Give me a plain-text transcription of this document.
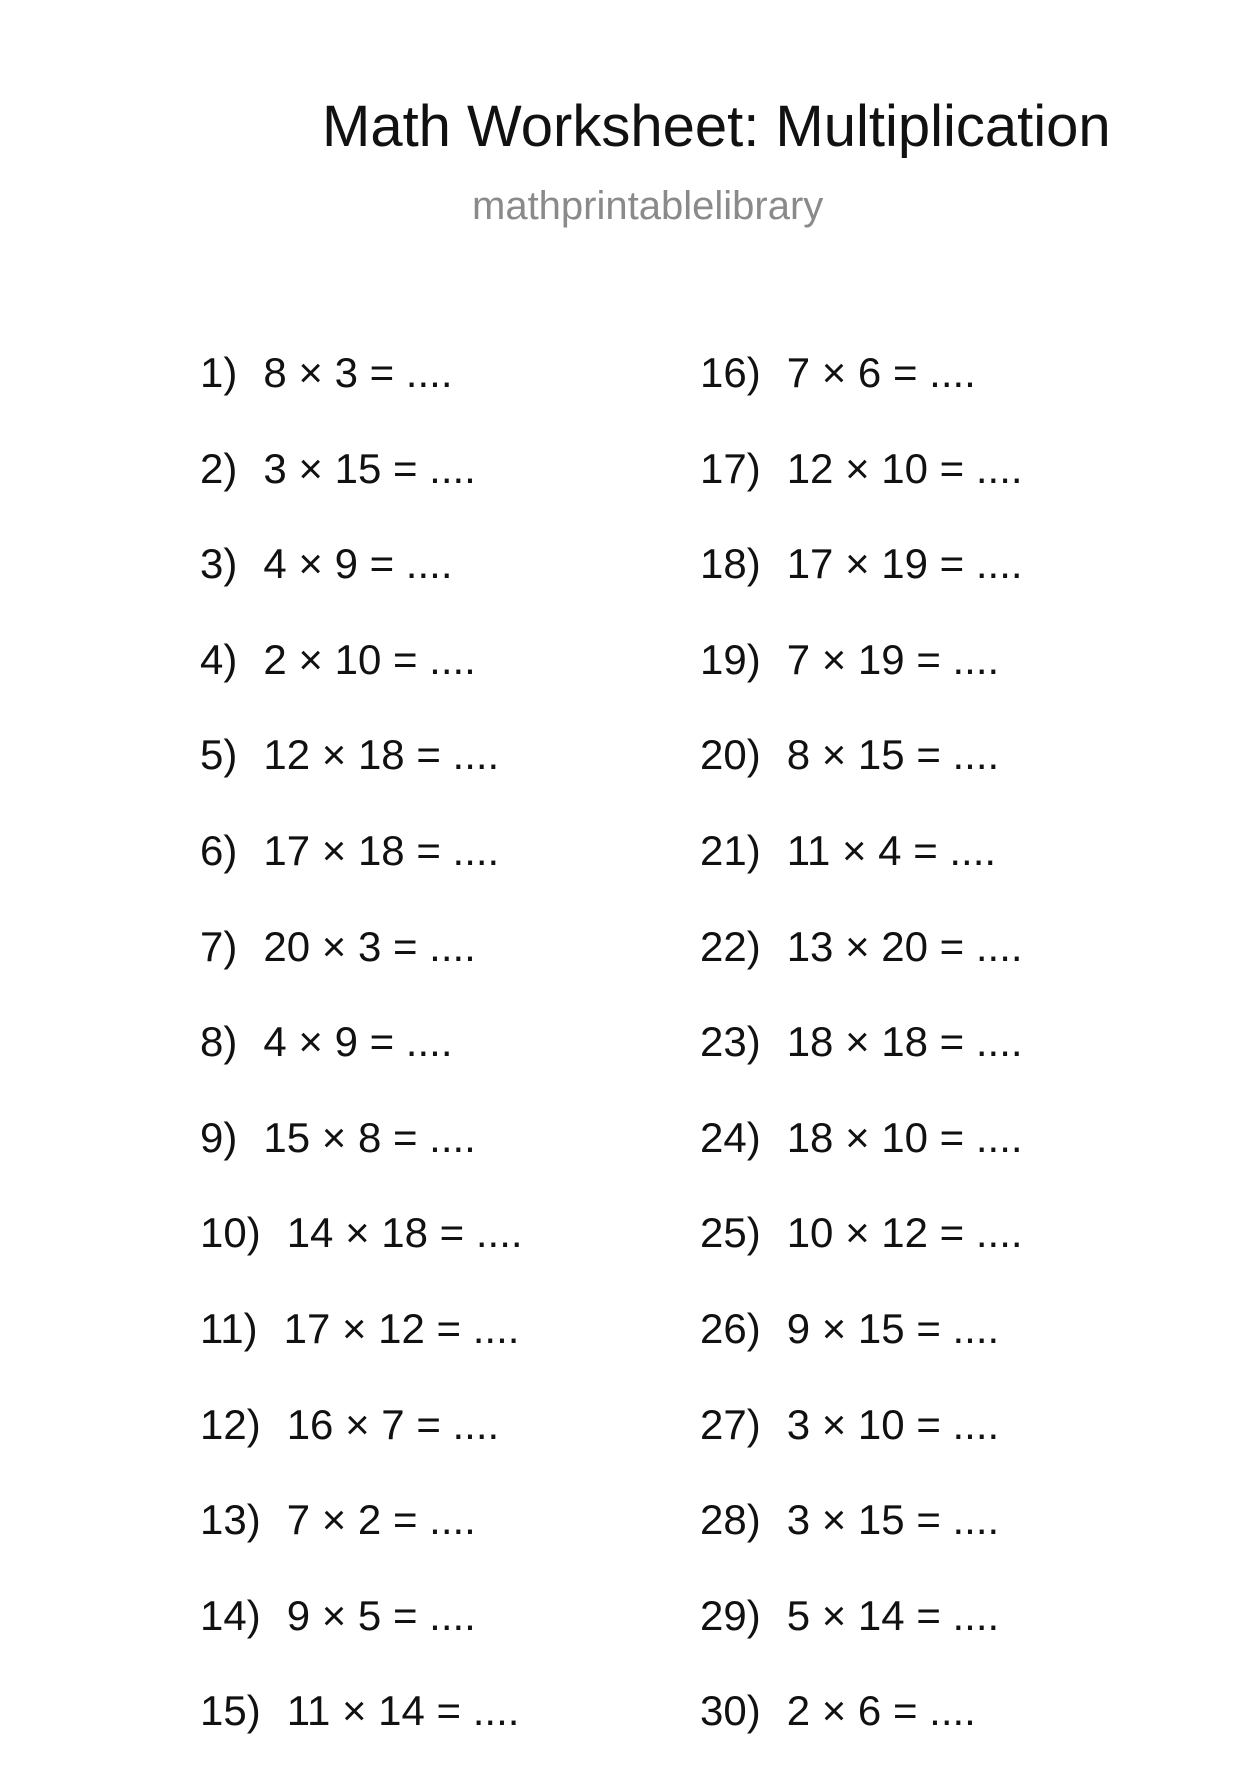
Math Worksheet: Multiplication
mathprintablelibrary
1) 8 × 3 = ....
2) 3 × 15 = ....
3) 4 × 9 = ....
4) 2 × 10 = ....
5) 12 × 18 = ....
6) 17 × 18 = ....
7) 20 × 3 = ....
8) 4 × 9 = ....
9) 15 × 8 = ....
10) 14 × 18 = ....
11) 17 × 12 = ....
12) 16 × 7 = ....
13) 7 × 2 = ....
14) 9 × 5 = ....
15) 11 × 14 = ....
16) 7 × 6 = ....
17) 12 × 10 = ....
18) 17 × 19 = ....
19) 7 × 19 = ....
20) 8 × 15 = ....
21) 11 × 4 = ....
22) 13 × 20 = ....
23) 18 × 18 = ....
24) 18 × 10 = ....
25) 10 × 12 = ....
26) 9 × 15 = ....
27) 3 × 10 = ....
28) 3 × 15 = ....
29) 5 × 14 = ....
30) 2 × 6 = ....
